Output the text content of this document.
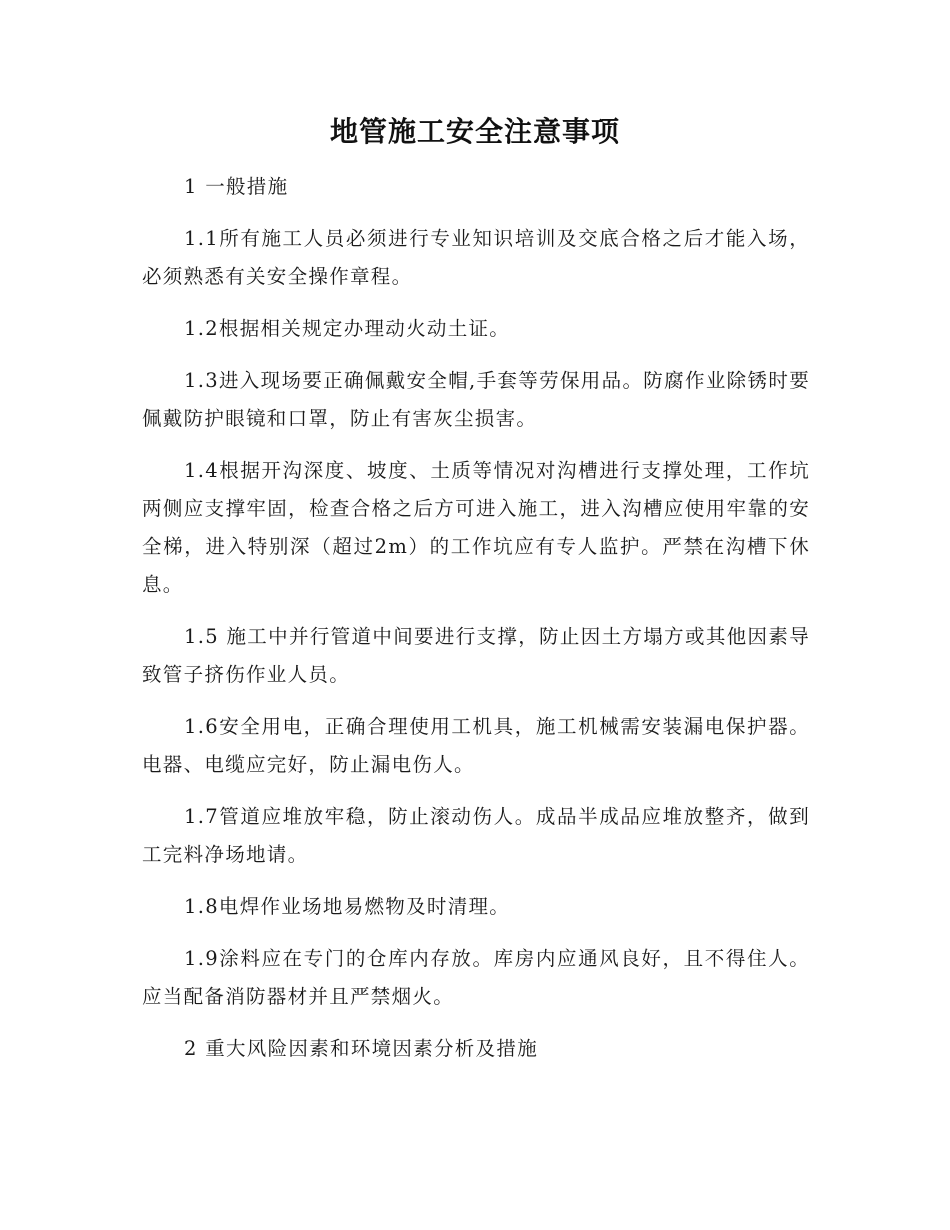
地管施工安全注意事项

1 一般措施

1.1所有施工人员必须进行专业知识培训及交底合格之后才能入场，必须熟悉有关安全操作章程。

1.2根据相关规定办理动火动土证。

1.3进入现场要正确佩戴安全帽,手套等劳保用品。防腐作业除锈时要佩戴防护眼镜和口罩，防止有害灰尘损害。

1.4根据开沟深度、坡度、土质等情况对沟槽进行支撑处理，工作坑两侧应支撑牢固，检查合格之后方可进入施工，进入沟槽应使用牢靠的安全梯，进入特别深（超过2m）的工作坑应有专人监护。严禁在沟槽下休息。

1.5 施工中并行管道中间要进行支撑，防止因土方塌方或其他因素导致管子挤伤作业人员。

1.6安全用电，正确合理使用工机具，施工机械需安装漏电保护器。电器、电缆应完好，防止漏电伤人。

1.7管道应堆放牢稳，防止滚动伤人。成品半成品应堆放整齐，做到工完料净场地请。

1.8电焊作业场地易燃物及时清理。

1.9涂料应在专门的仓库内存放。库房内应通风良好，且不得住人。应当配备消防器材并且严禁烟火。

2 重大风险因素和环境因素分析及措施
